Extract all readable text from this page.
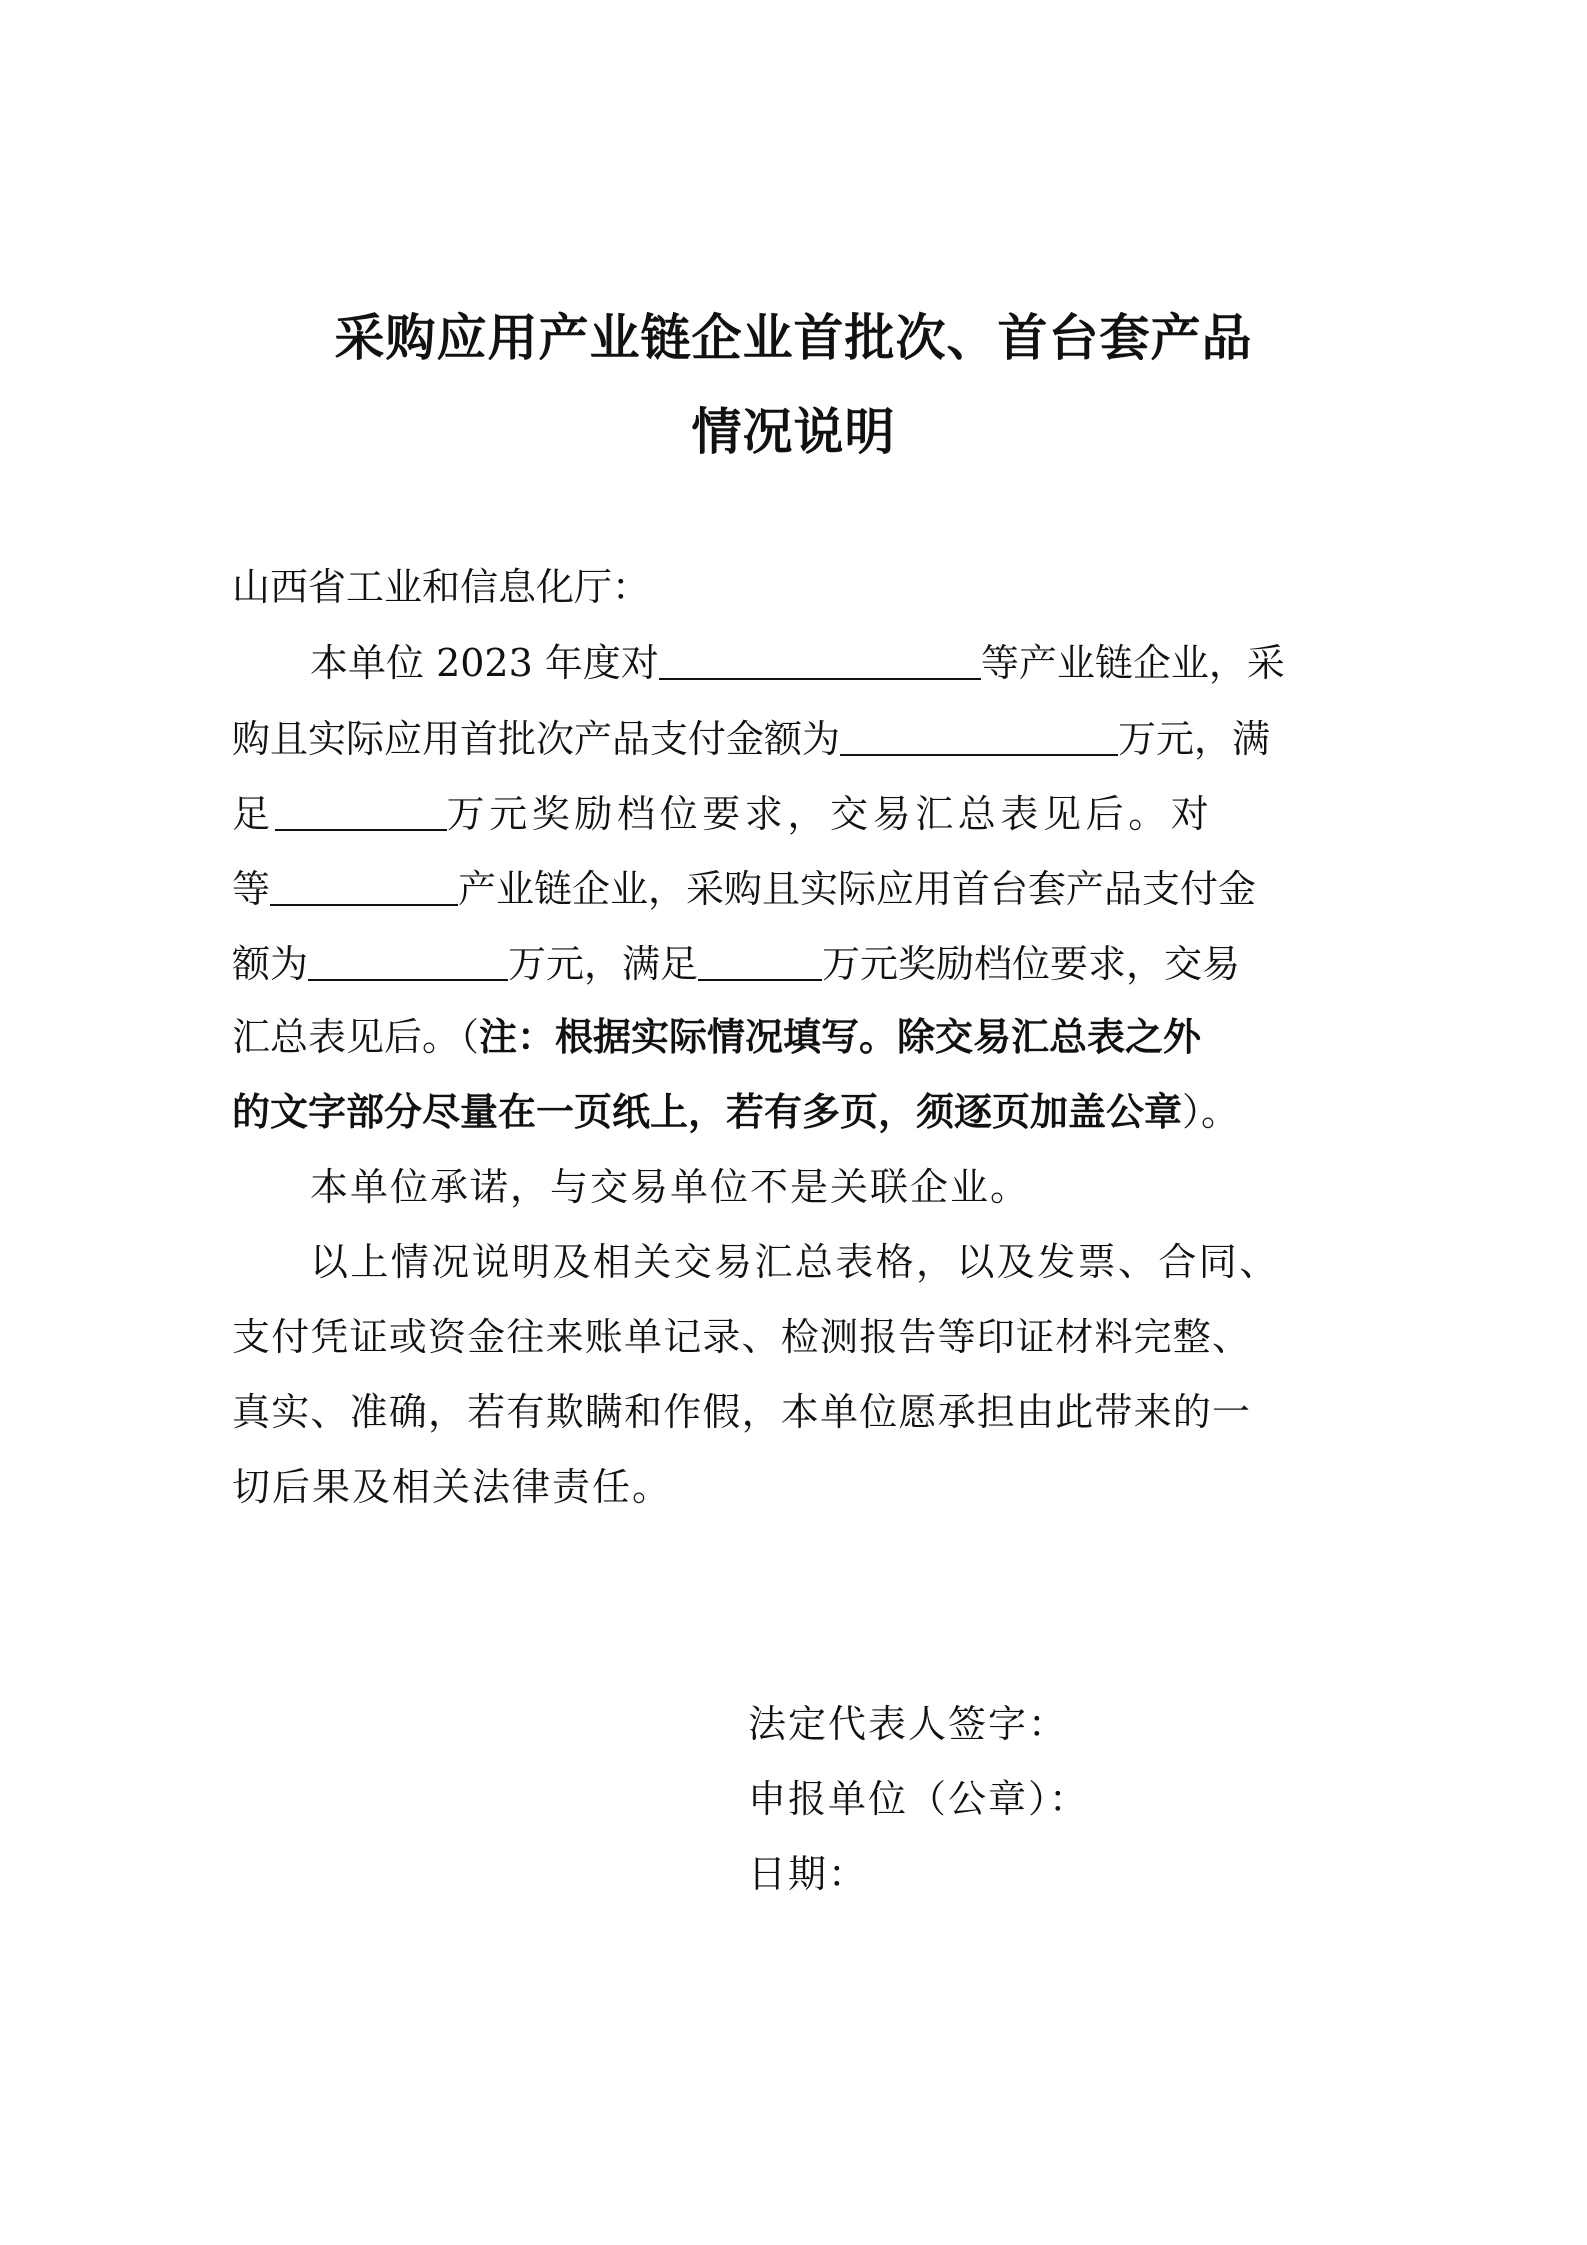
采购应用产业链企业首批次、首台套产品
情况说明
山西省工业和信息化厅：
本单位 2023 年度对	等产业链企业，采
购且实际应用首批次产品支付金额为	万元，满
足	万元奖励档位要求，交易汇总表见后。对
等	产业链企业，采购且实际应用首台套产品支付金
额为	万元，满足	万元奖励档位要求，交易
汇总表见后。（注：根据实际情况填写。除交易汇总表之外
的文字部分尽量在一页纸上，若有多页，须逐页加盖公章）。
本单位承诺，与交易单位不是关联企业。
以上情况说明及相关交易汇总表格，以及发票、合同、
支付凭证或资金往来账单记录、检测报告等印证材料完整、
真实、准确，若有欺瞒和作假，本单位愿承担由此带来的一
切后果及相关法律责任。
法定代表人签字：
申报单位（公章）：
日期：
